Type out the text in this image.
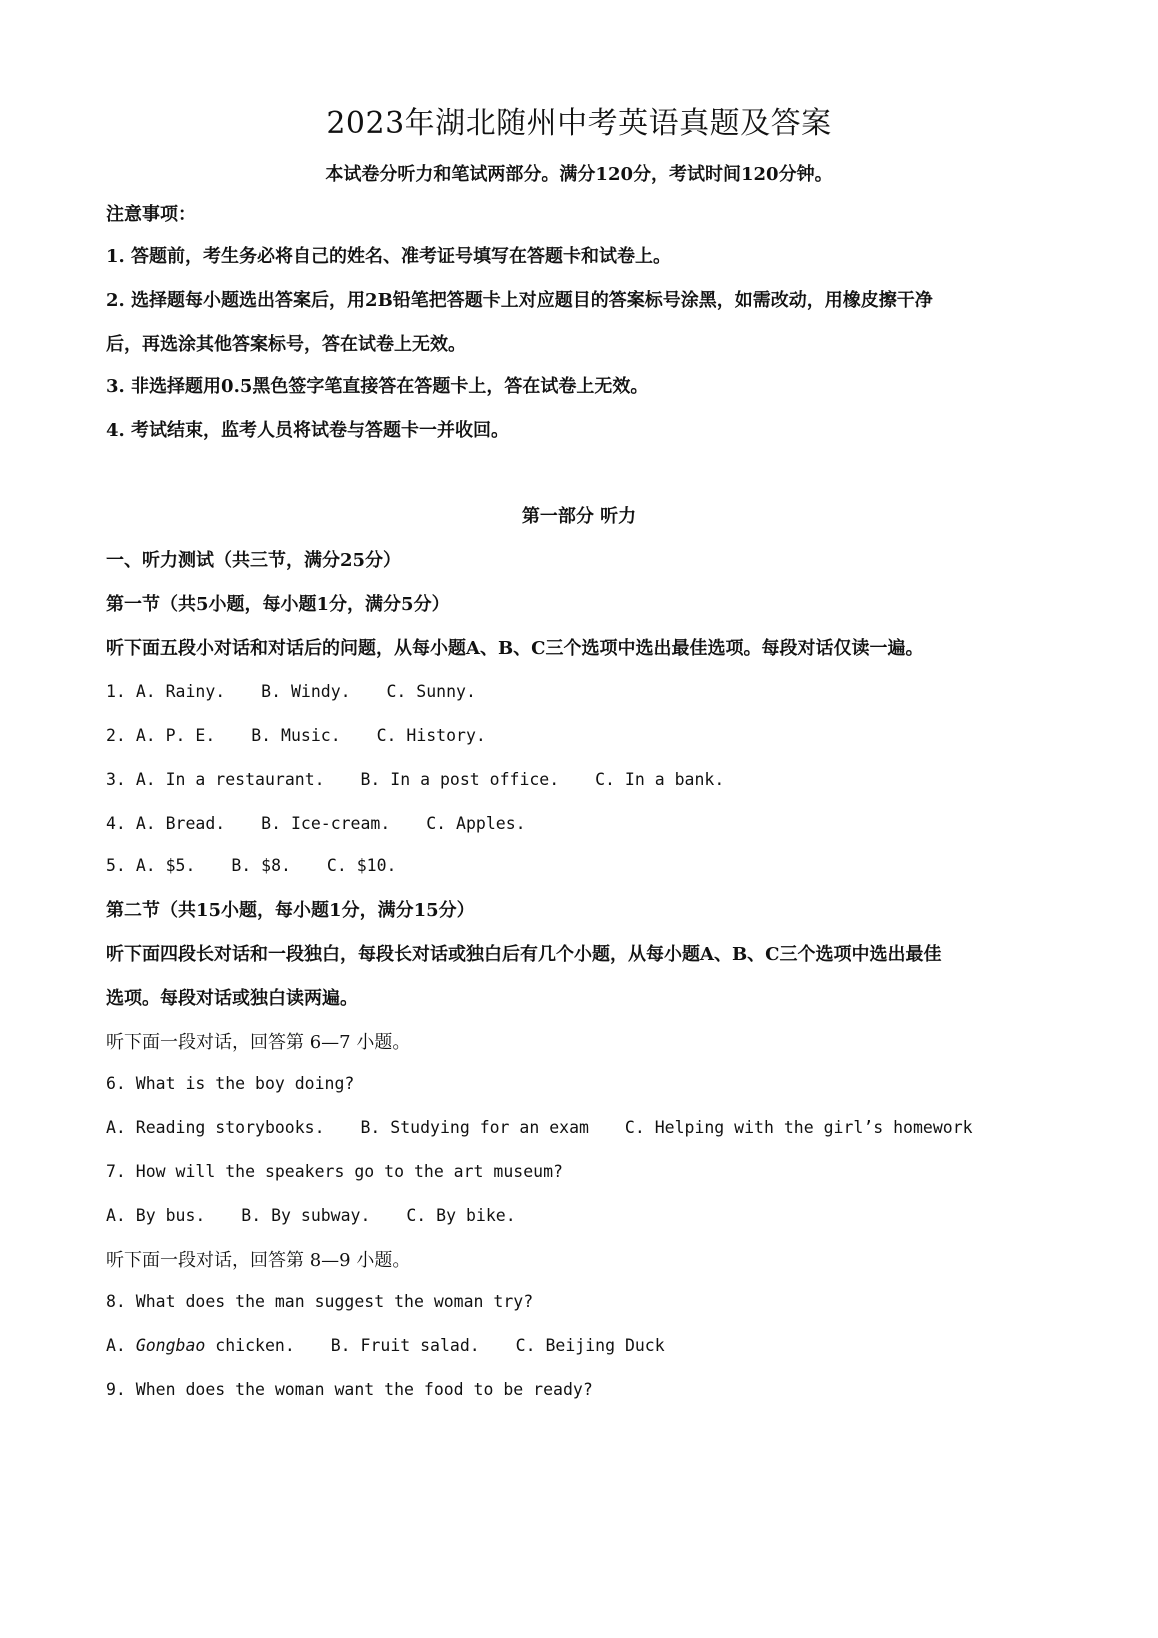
2023年湖北随州中考英语真题及答案
本试卷分听力和笔试两部分。满分120分，考试时间120分钟。
注意事项：
1. 答题前，考生务必将自己的姓名、准考证号填写在答题卡和试卷上。
2. 选择题每小题选出答案后，用2B铅笔把答题卡上对应题目的答案标号涂黑，如需改动，用橡皮擦干净
后，再选涂其他答案标号，答在试卷上无效。
3. 非选择题用0.5黑色签字笔直接答在答题卡上，答在试卷上无效。
4. 考试结束，监考人员将试卷与答题卡一并收回。
第一部分 听力
一、听力测试（共三节，满分25分）
第一节（共5小题，每小题1分，满分5分）
听下面五段小对话和对话后的问题，从每小题A、B、C三个选项中选出最佳选项。每段对话仅读一遍。
1. A. Rainy. B. Windy. C. Sunny.
2. A. P. E. B. Music. C. History.
3. A. In a restaurant. B. In a post office. C. In a bank.
4. A. Bread. B. Ice-cream. C. Apples.
5. A. $5. B. $8. C. $10.
第二节（共15小题，每小题1分，满分15分）
听下面四段长对话和一段独白，每段长对话或独白后有几个小题，从每小题A、B、C三个选项中选出最佳
选项。每段对话或独白读两遍。
听下面一段对话，回答第 6—7 小题。
6. What is the boy doing?
A. Reading storybooks. B. Studying for an exam C. Helping with the girl’s homework
7. How will the speakers go to the art museum?
A. By bus. B. By subway. C. By bike.
听下面一段对话，回答第 8—9 小题。
8. What does the man suggest the woman try?
A. Gongbao chicken. B. Fruit salad. C. Beijing Duck
9. When does the woman want the food to be ready?
